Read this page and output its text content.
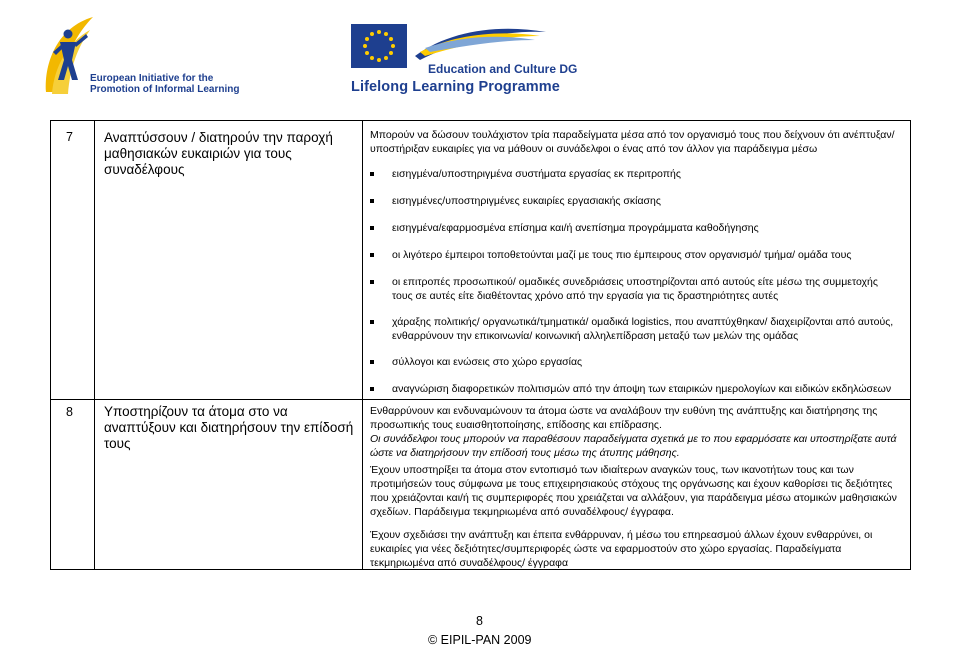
European Initiative for the
Promotion of Informal Learning
Education and Culture DG
Lifelong Learning Programme
7 Αναπτύσσουν / διατηρούν την παροχή μαθησιακών ευκαιριών για τους συναδέλφους
Μπορούν να δώσουν τουλάχιστον τρία παραδείγματα μέσα από τον οργανισμό τους που δείχνουν ότι ανέπτυξαν/υποστήριξαν ευκαιρίες για να μάθουν οι συνάδελφοι ο ένας από τον άλλον για παράδειγμα μέσω
εισηγμένα/υποστηριγμένα συστήματα εργασίας εκ περιτροπής
εισηγμένες/υποστηριγμένες ευκαιρίες εργασιακής σκίασης
εισηγμένα/εφαρμοσμένα επίσημα και/ή ανεπίσημα προγράμματα καθοδήγησης
οι λιγότερο έμπειροι τοποθετούνται μαζί με τους πιο έμπειρους στον οργανισμό/ τμήμα/ ομάδα τους
οι επιτροπές προσωπικού/ ομαδικές συνεδριάσεις υποστηρίζονται από αυτούς είτε μέσω της συμμετοχής τους σε αυτές είτε διαθέτοντας χρόνο από την εργασία για τις δραστηριότητες αυτές
χάραξης πολιτικής/ οργανωτικά/τμηματικά/ ομαδικά logistics, που αναπτύχθηκαν/ διαχειρίζονται από αυτούς, ενθαρρύνουν την επικοινωνία/ κοινωνική αλληλεπίδραση μεταξύ των μελών της ομάδας
σύλλογοι και ενώσεις στο χώρο εργασίας
αναγνώριση διαφορετικών πολιτισμών από την άποψη των εταιρικών ημερολογίων και ειδικών εκδηλώσεων
8 Υποστηρίζουν τα άτομα στο να αναπτύξουν και διατηρήσουν την επίδοσή τους
Ενθαρρύνουν και ενδυναμώνουν τα άτομα ώστε να αναλάβουν την ευθύνη της ανάπτυξης και διατήρησης της προσωπικής τους ευαισθητοποίησης, επίδοσης και επίδρασης.
Οι συνάδελφοι τους μπορούν να παραθέσουν παραδείγματα σχετικά με το που εφαρμόσατε και υποστηρίξατε αυτά ώστε να διατηρήσουν την επίδοσή τους μέσω της άτυπης μάθησης.
Έχουν υποστηρίξει τα άτομα στον εντοπισμό των ιδιαίτερων αναγκών τους, των ικανοτήτων τους και των προτιμήσεών τους σύμφωνα με τους επιχειρησιακούς στόχους της οργάνωσης και έχουν καθορίσει τις δεξιότητες που χρειάζονται και/ή τις συμπεριφορές που χρειάζεται να αλλάξουν, για παράδειγμα μέσω ατομικών μαθησιακών σχεδίων. Παράδειγμα τεκμηριωμένα από συναδέλφους/ έγγραφα.
Έχουν σχεδιάσει την ανάπτυξη και έπειτα ενθάρρυναν, ή μέσω του επηρεασμού άλλων έχουν ενθαρρύνει, οι ευκαιρίες για νέες δεξιότητες/συμπεριφορές ώστε να εφαρμοστούν στο χώρο εργασίας. Παραδείγματα τεκμηριωμένα από συναδέλφους/ έγγραφα
8
© EIPIL-PAN 2009
